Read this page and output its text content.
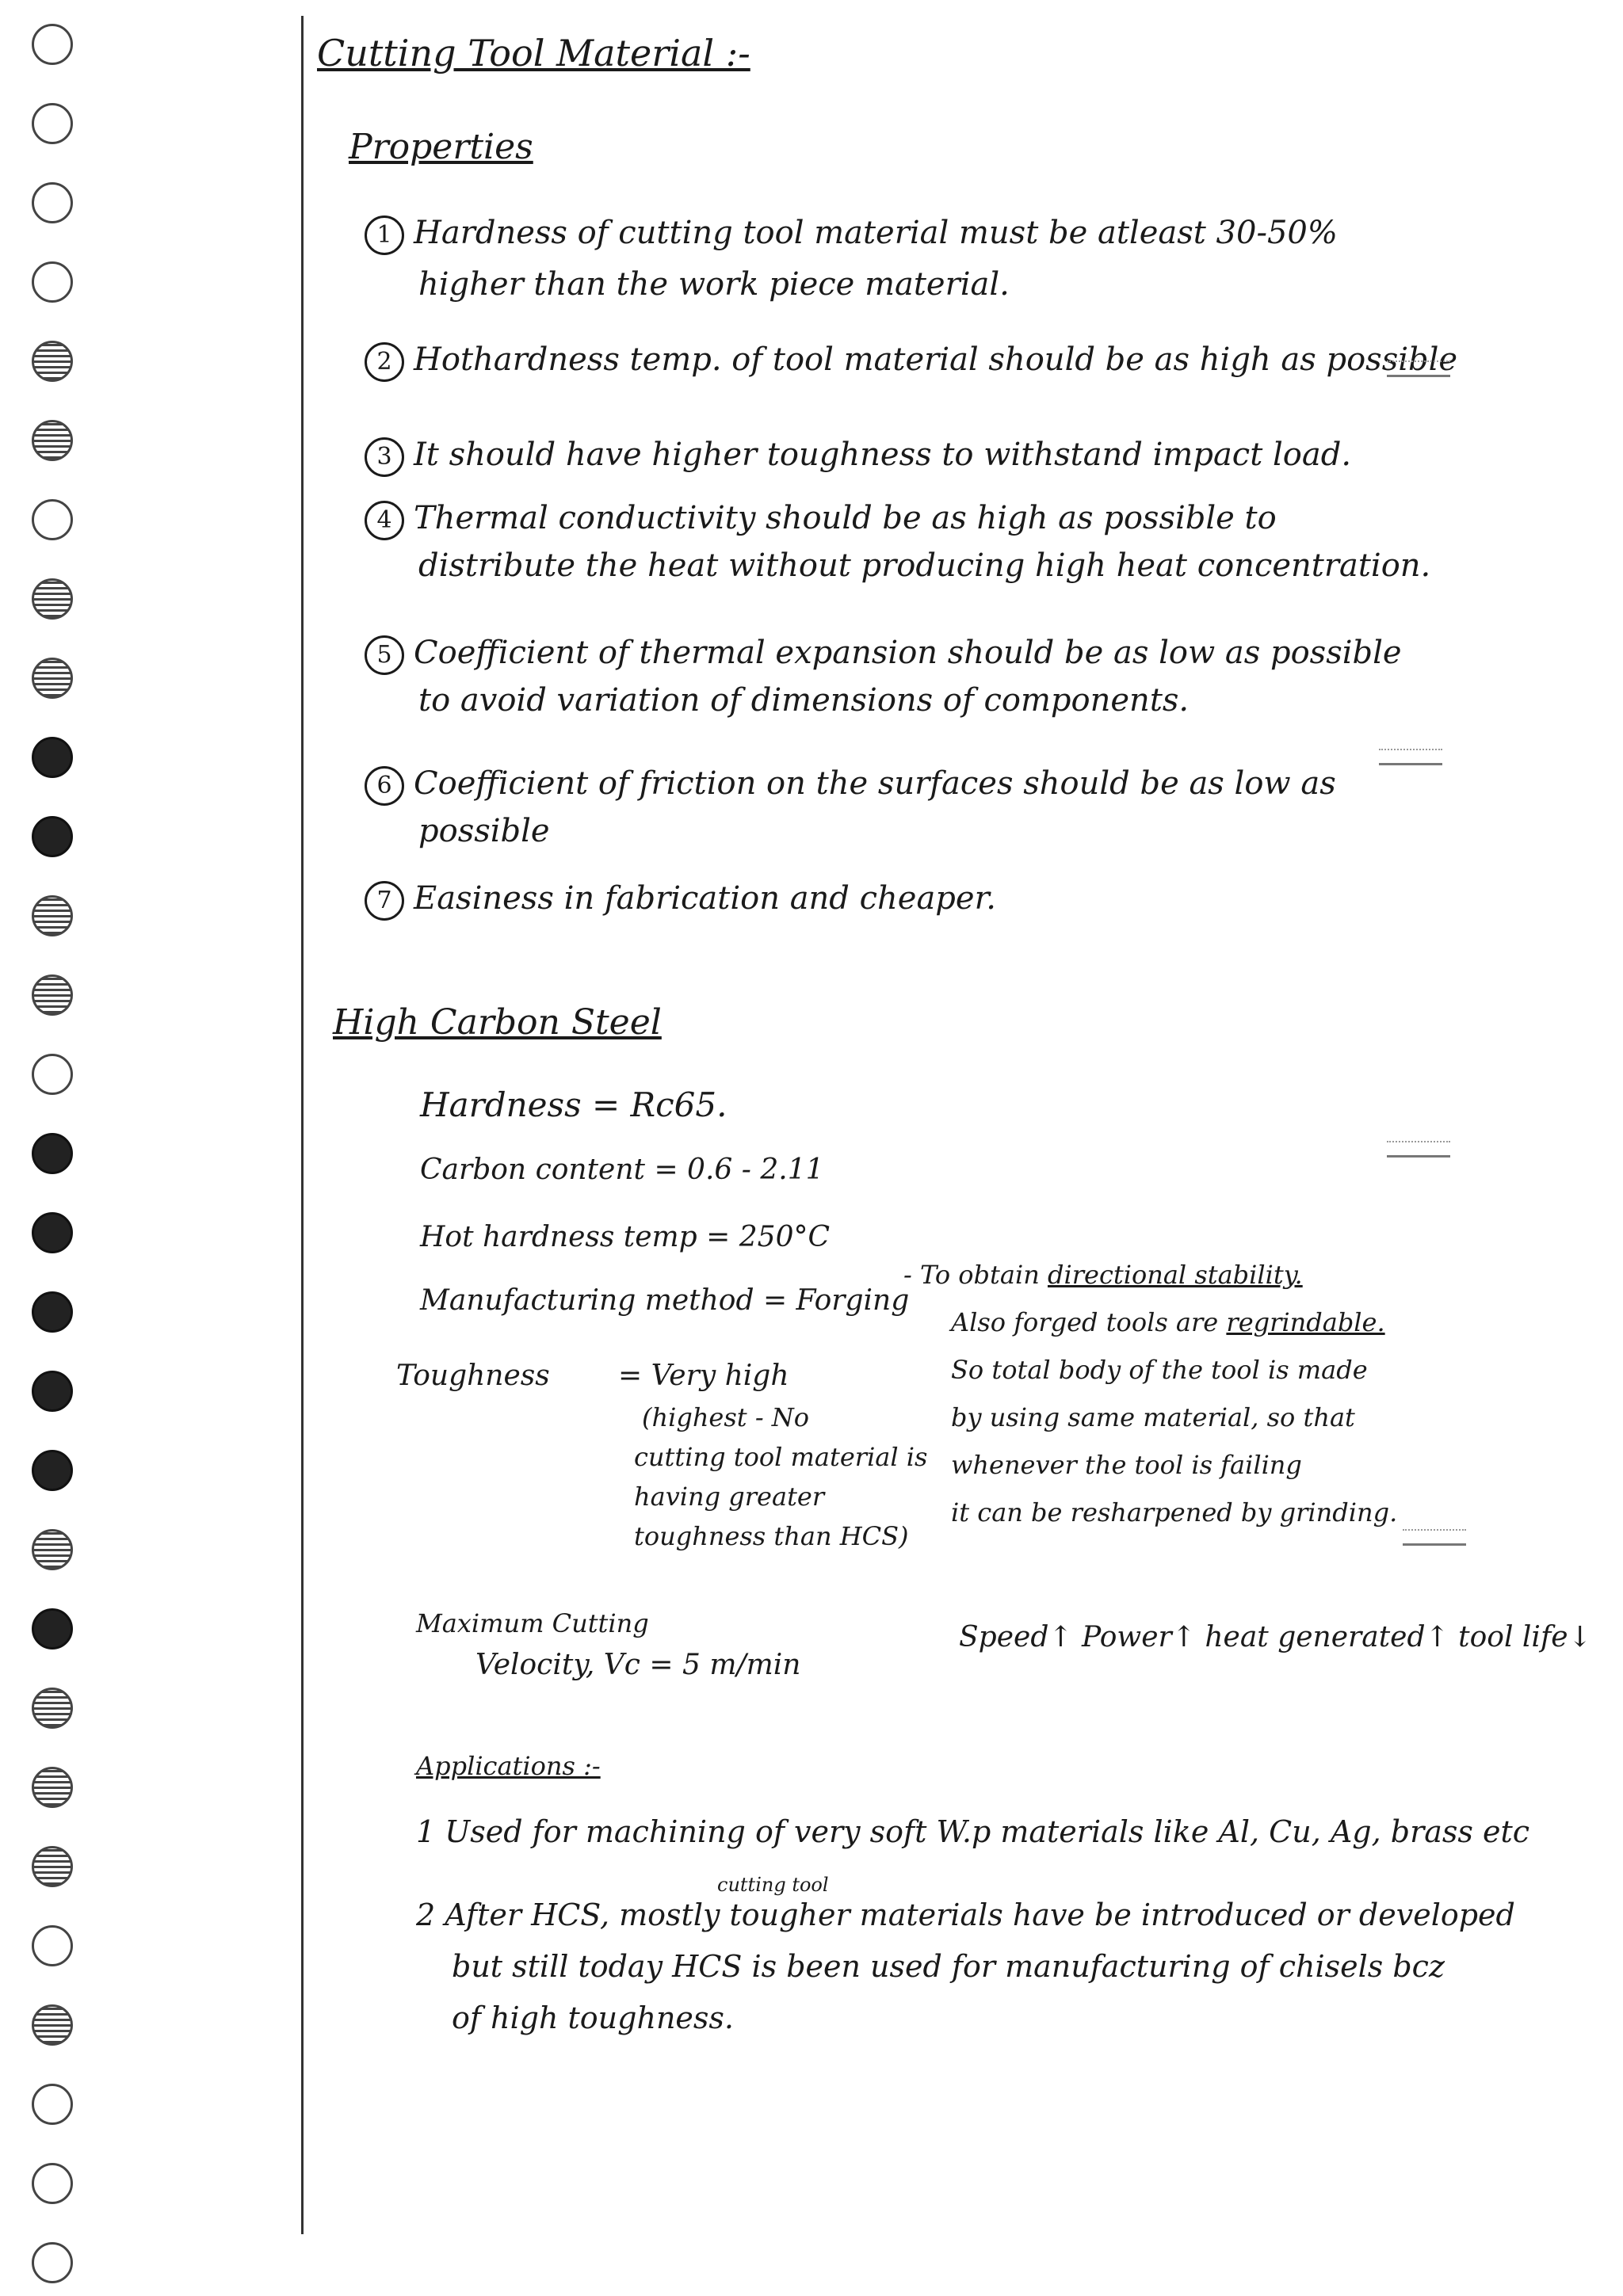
Cutting Tool Material :-
Properties
1 Hardness of cutting tool material must be atleast 30-50%
higher than the work piece material.
2 Hothardness temp. of tool material should be as high as possible
3 It should have higher toughness to withstand impact load.
4 Thermal conductivity should be as high as possible to
distribute the heat without producing high heat concentration.
5 Coefficient of thermal expansion should be as low as possible
to avoid variation of dimensions of components.
6 Coefficient of friction on the surfaces should be as low as
possible
7 Easiness in fabrication and cheaper.
High Carbon Steel
Hardness = Rc65.
Carbon content = 0.6 - 2.11
Hot hardness temp = 250°C
Manufacturing method = Forging
- To obtain directional stability.
Also forged tools are regrindable.
So total body of the tool is made
by using same material, so that
whenever the tool is failing
it can be resharpened by grinding.
Toughness = Very high
(highest - No
cutting tool material is
having greater
toughness than HCS)
Maximum Cutting
Velocity, Vc = 5 m/min
Speed↑ Power↑ heat generated↑ tool life↓
Applications :-
1 Used for machining of very soft W.p materials like Al, Cu, Ag, brass etc
cutting tool
2 After HCS, mostly tougher materials have be introduced or developed
but still today HCS is been used for manufacturing of chisels bcz
of high toughness.
